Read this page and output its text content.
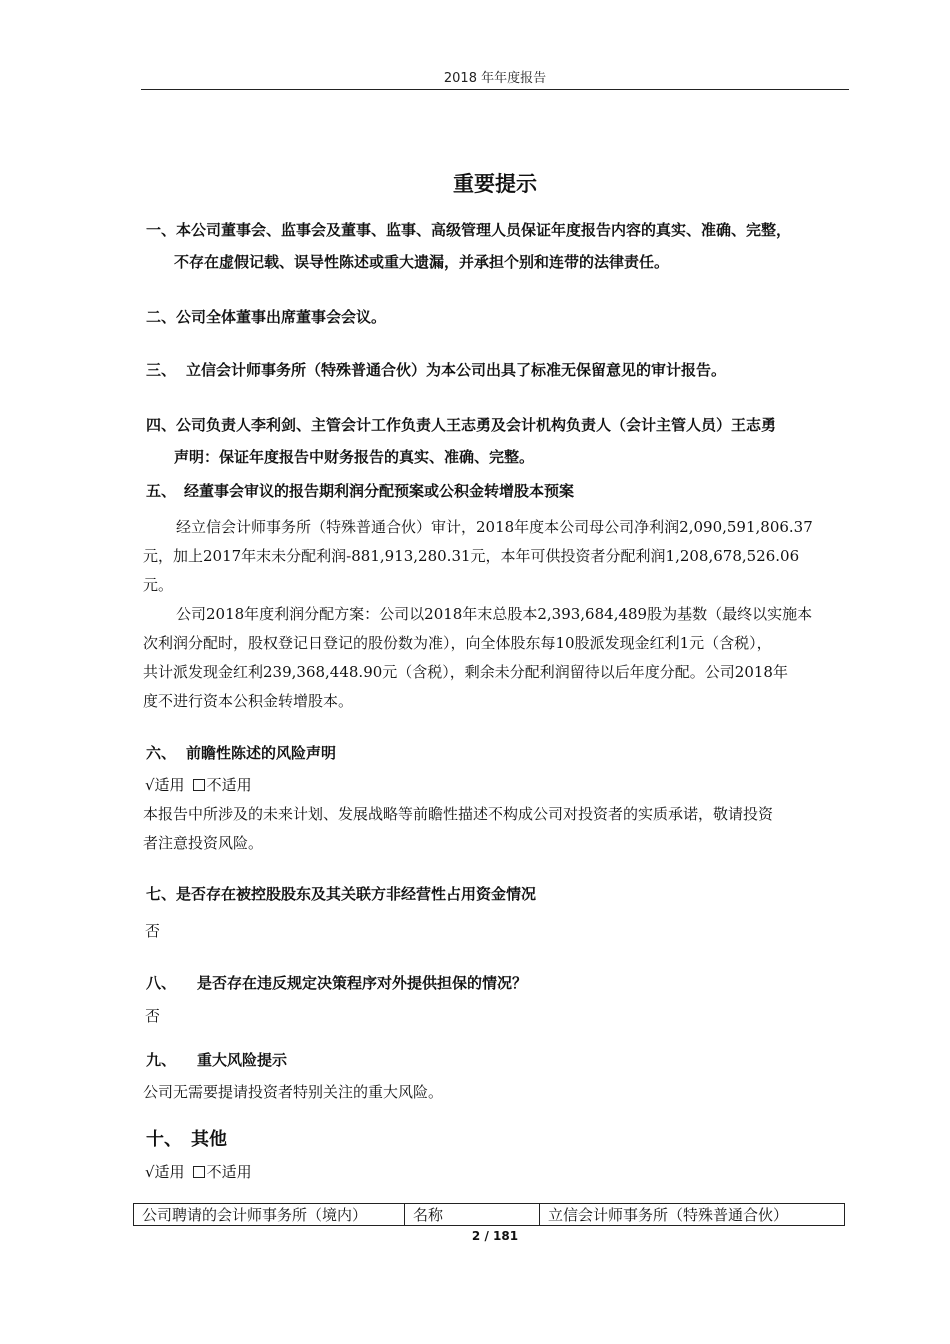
2018 年年度报告
重要提示
一、本公司董事会、监事会及董事、监事、高级管理人员保证年度报告内容的真实、准确、完整，
不存在虚假记载、误导性陈述或重大遗漏，并承担个别和连带的法律责任。
二、公司全体董事出席董事会会议。
三、 立信会计师事务所（特殊普通合伙）为本公司出具了标准无保留意见的审计报告。
四、公司负责人李利剑、主管会计工作负责人王志勇及会计机构负责人（会计主管人员）王志勇
声明：保证年度报告中财务报告的真实、准确、完整。
五、 经董事会审议的报告期利润分配预案或公积金转增股本预案
经立信会计师事务所（特殊普通合伙）审计，2018年度本公司母公司净利润2,090,591,806.37
元，加上2017年末未分配利润-881,913,280.31元，本年可供投资者分配利润1,208,678,526.06
元。
公司2018年度利润分配方案：公司以2018年末总股本2,393,684,489股为基数（最终以实施本
次利润分配时，股权登记日登记的股份数为准），向全体股东每10股派发现金红利1元（含税），
共计派发现金红利239,368,448.90元（含税），剩余未分配利润留待以后年度分配。公司2018年
度不进行资本公积金转增股本。
六、 前瞻性陈述的风险声明
√适用 不适用
本报告中所涉及的未来计划、发展战略等前瞻性描述不构成公司对投资者的实质承诺，敬请投资
者注意投资风险。
七、是否存在被控股股东及其关联方非经营性占用资金情况
否
八、 是否存在违反规定决策程序对外提供担保的情况？
否
九、 重大风险提示
公司无需要提请投资者特别关注的重大风险。
十、 其他
√适用 不适用
公司聘请的会计师事务所（境内）	名称	立信会计师事务所（特殊普通合伙）
2 / 181
